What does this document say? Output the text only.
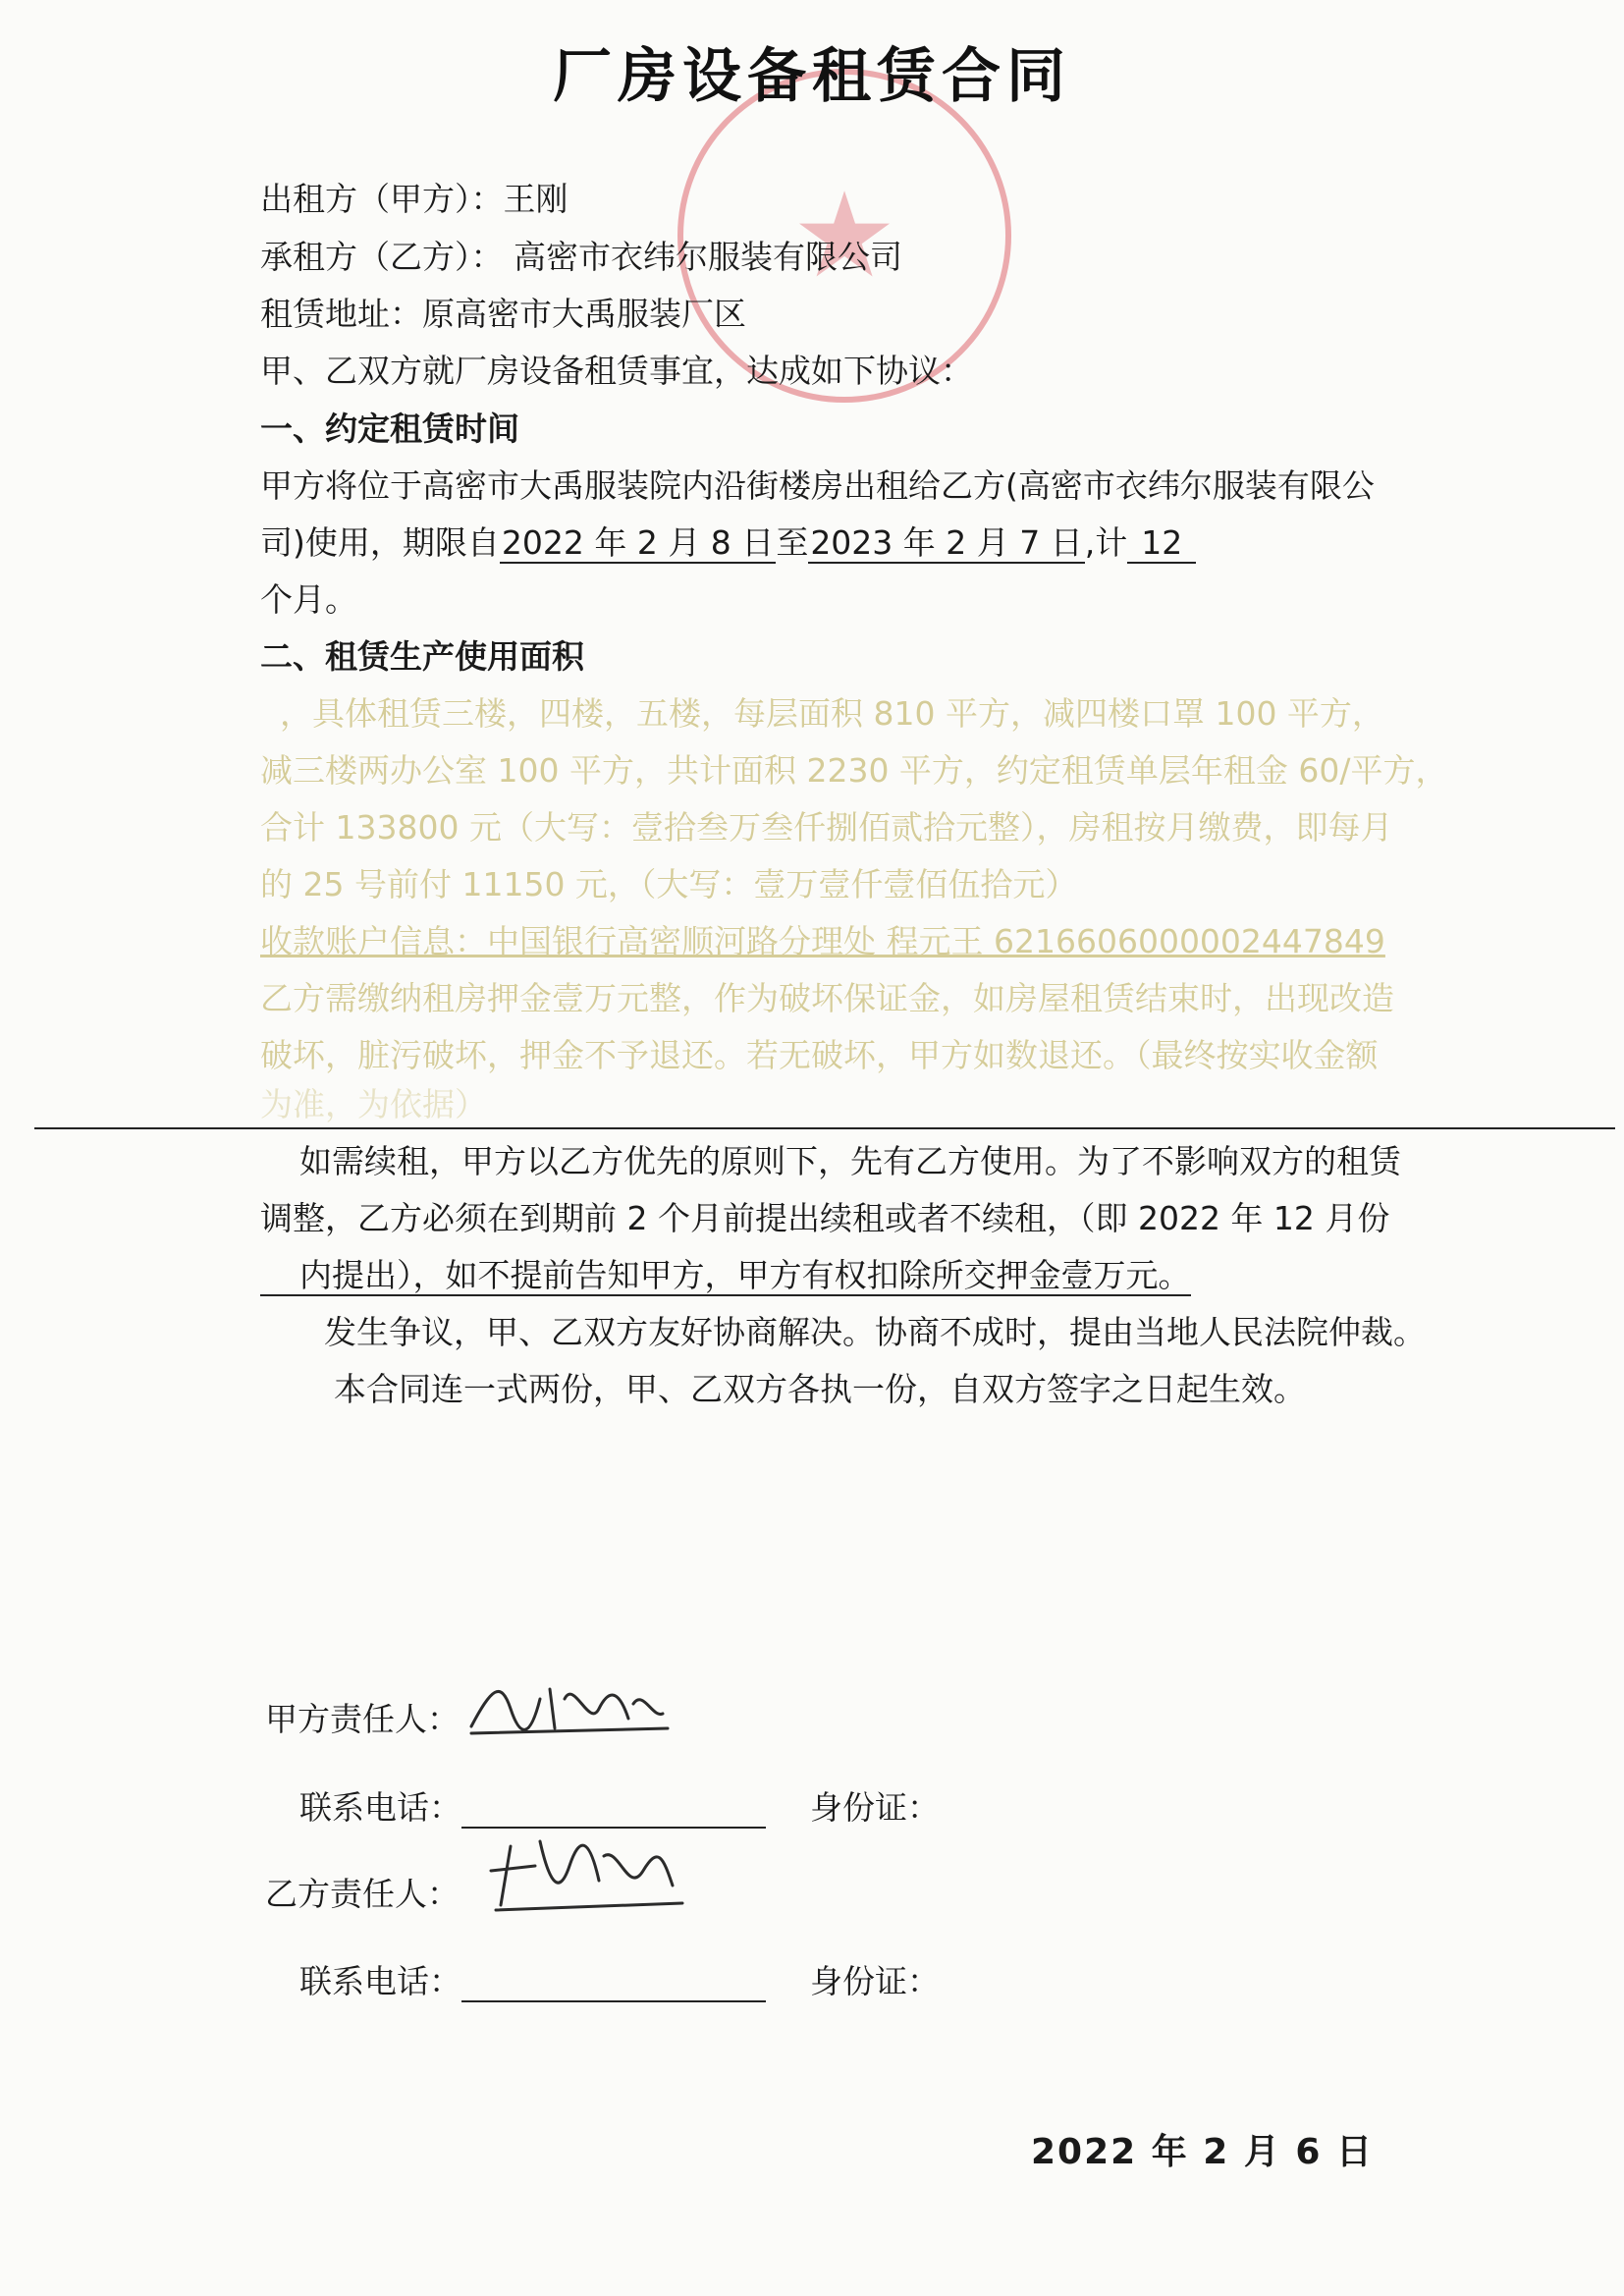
★
厂房设备租赁合同
出租方（甲方）：王刚
承租方（乙方）： 高密市衣纬尔服装有限公司
租赁地址：原高密市大禹服装厂区
甲、乙双方就厂房设备租赁事宜，达成如下协议：
一、约定租赁时间
甲方将位于高密市大禹服装院内沿街楼房出租给乙方(高密市衣纬尔服装有限公
司)使用，期限自2022 年 2 月 8 日至2023 年 2 月 7 日,计 12
个月。
二、租赁生产使用面积
，具体租赁三楼，四楼，五楼，每层面积 810 平方，减四楼口罩 100 平方，
减三楼两办公室 100 平方，共计面积 2230 平方，约定租赁单层年租金 60/平方，
合计 133800 元（大写：壹拾叁万叁仟捌佰贰拾元整），房租按月缴费，即每月
的 25 号前付 11150 元，（大写：壹万壹仟壹佰伍拾元）
收款账户信息：中国银行高密顺河路分理处 程元王 6216606000002447849
乙方需缴纳租房押金壹万元整，作为破坏保证金，如房屋租赁结束时，出现改造
破坏，脏污破坏，押金不予退还。若无破坏，甲方如数退还。（最终按实收金额
为准，为依据）
如需续租，甲方以乙方优先的原则下，先有乙方使用。为了不影响双方的租赁
调整，乙方必须在到期前 2 个月前提出续租或者不续租，（即 2022 年 12 月份
内提出），如不提前告知甲方，甲方有权扣除所交押金壹万元。
发生争议，甲、乙双方友好协商解决。协商不成时，提由当地人民法院仲裁。
本合同连一式两份，甲、乙双方各执一份，自双方签字之日起生效。
甲方责任人：
联系电话：	身份证：
乙方责任人：
联系电话：	身份证：
2022 年 2 月 6 日
